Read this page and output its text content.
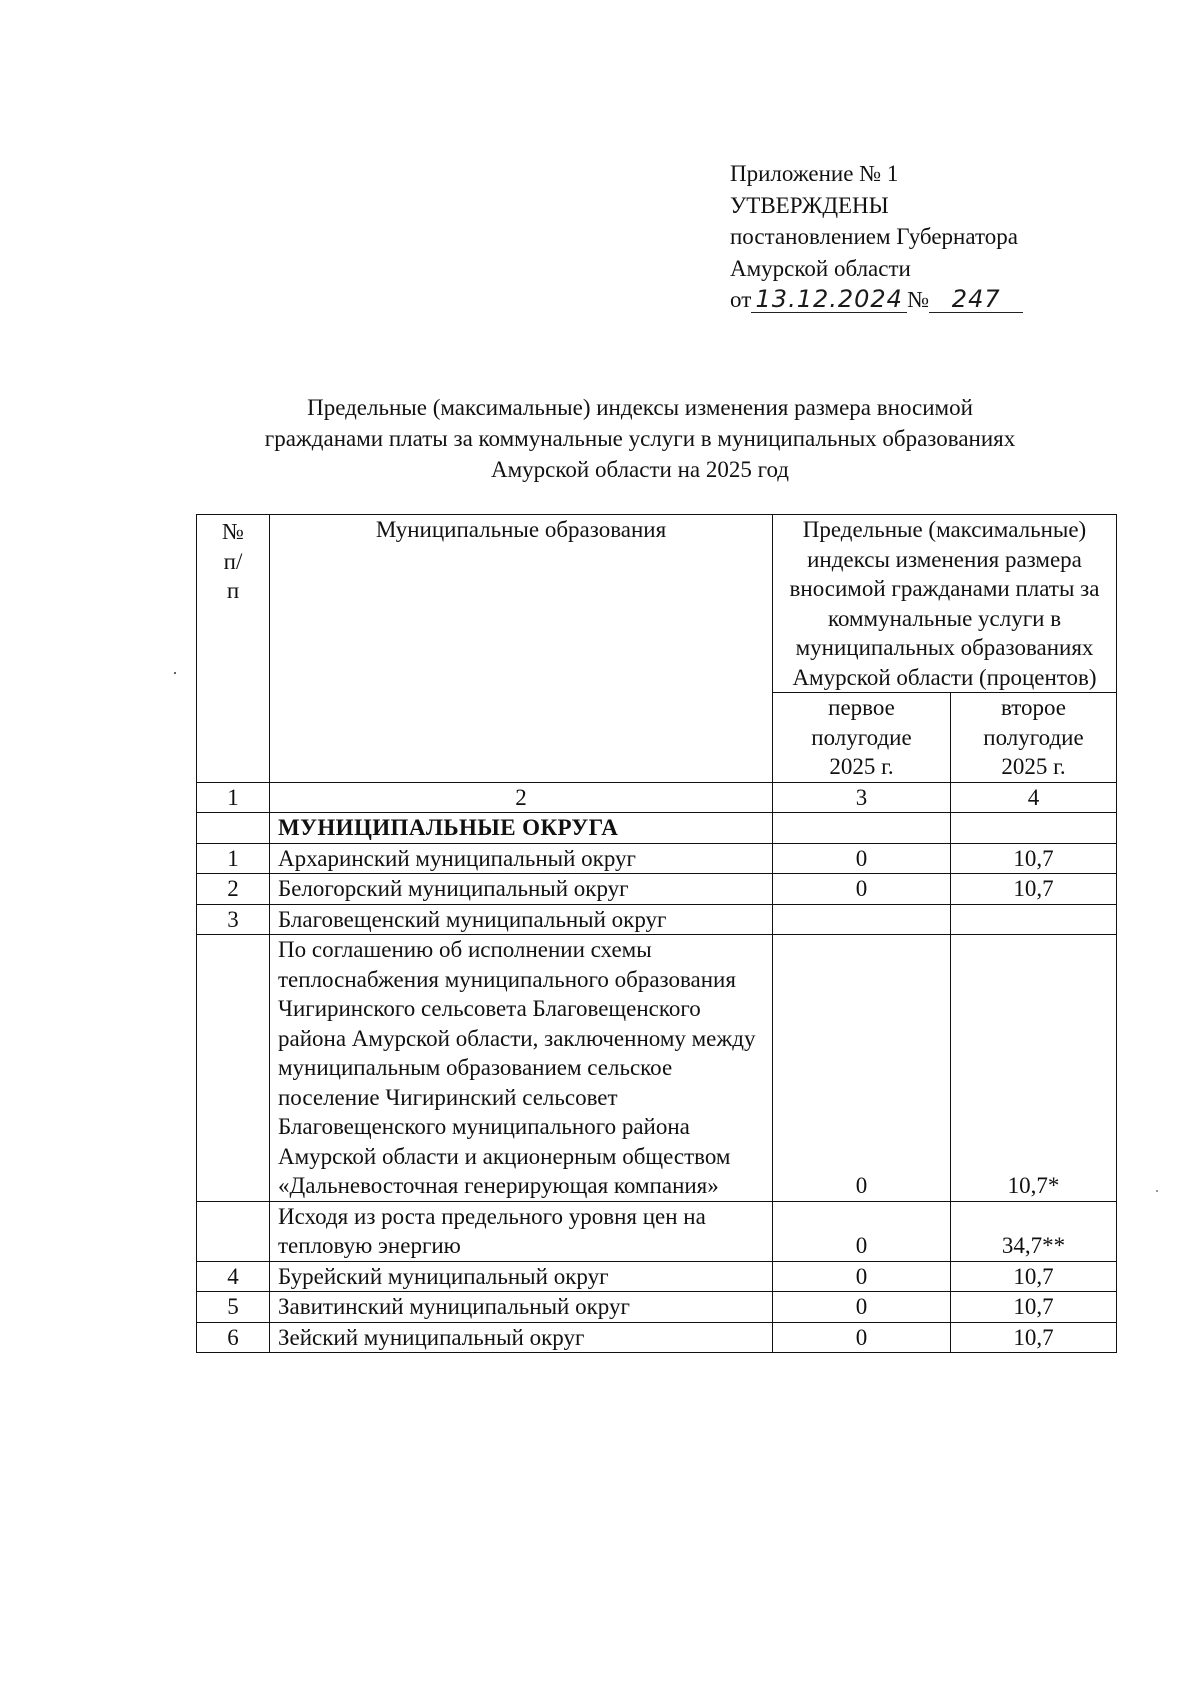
Приложение № 1
УТВЕРЖДЕНЫ
постановлением Губернатора
Амурской области
от 13.12.2024 № 247
Предельные (максимальные) индексы изменения размера вносимой
гражданами платы за коммунальные услуги в муниципальных образованиях
Амурской области на 2025 год
№ п/п	Муниципальные образования	Предельные (максимальные) индексы изменения размера вносимой гражданами платы за коммунальные услуги в муниципальных образованиях Амурской области (процентов)	
		первое полугодие 2025 г.	второе полугодие 2025 г.
1	2	3	4
	МУНИЦИПАЛЬНЫЕ ОКРУГА		
1	Архаринский муниципальный округ	0	10,7
2	Белогорский муниципальный округ	0	10,7
3	Благовещенский муниципальный округ		
	По соглашению об исполнении схемы теплоснабжения муниципального образования Чигиринского сельсовета Благовещенского района Амурской области, заключенному между муниципальным образованием сельское поселение Чигиринский сельсовет Благовещенского муниципального района Амурской области и акционерным обществом «Дальневосточная генерирующая компания»	0	10,7*
	Исходя из роста предельного уровня цен на тепловую энергию	0	34,7**
4	Бурейский муниципальный округ	0	10,7
5	Завитинский муниципальный округ	0	10,7
6	Зейский муниципальный округ	0	10,7
